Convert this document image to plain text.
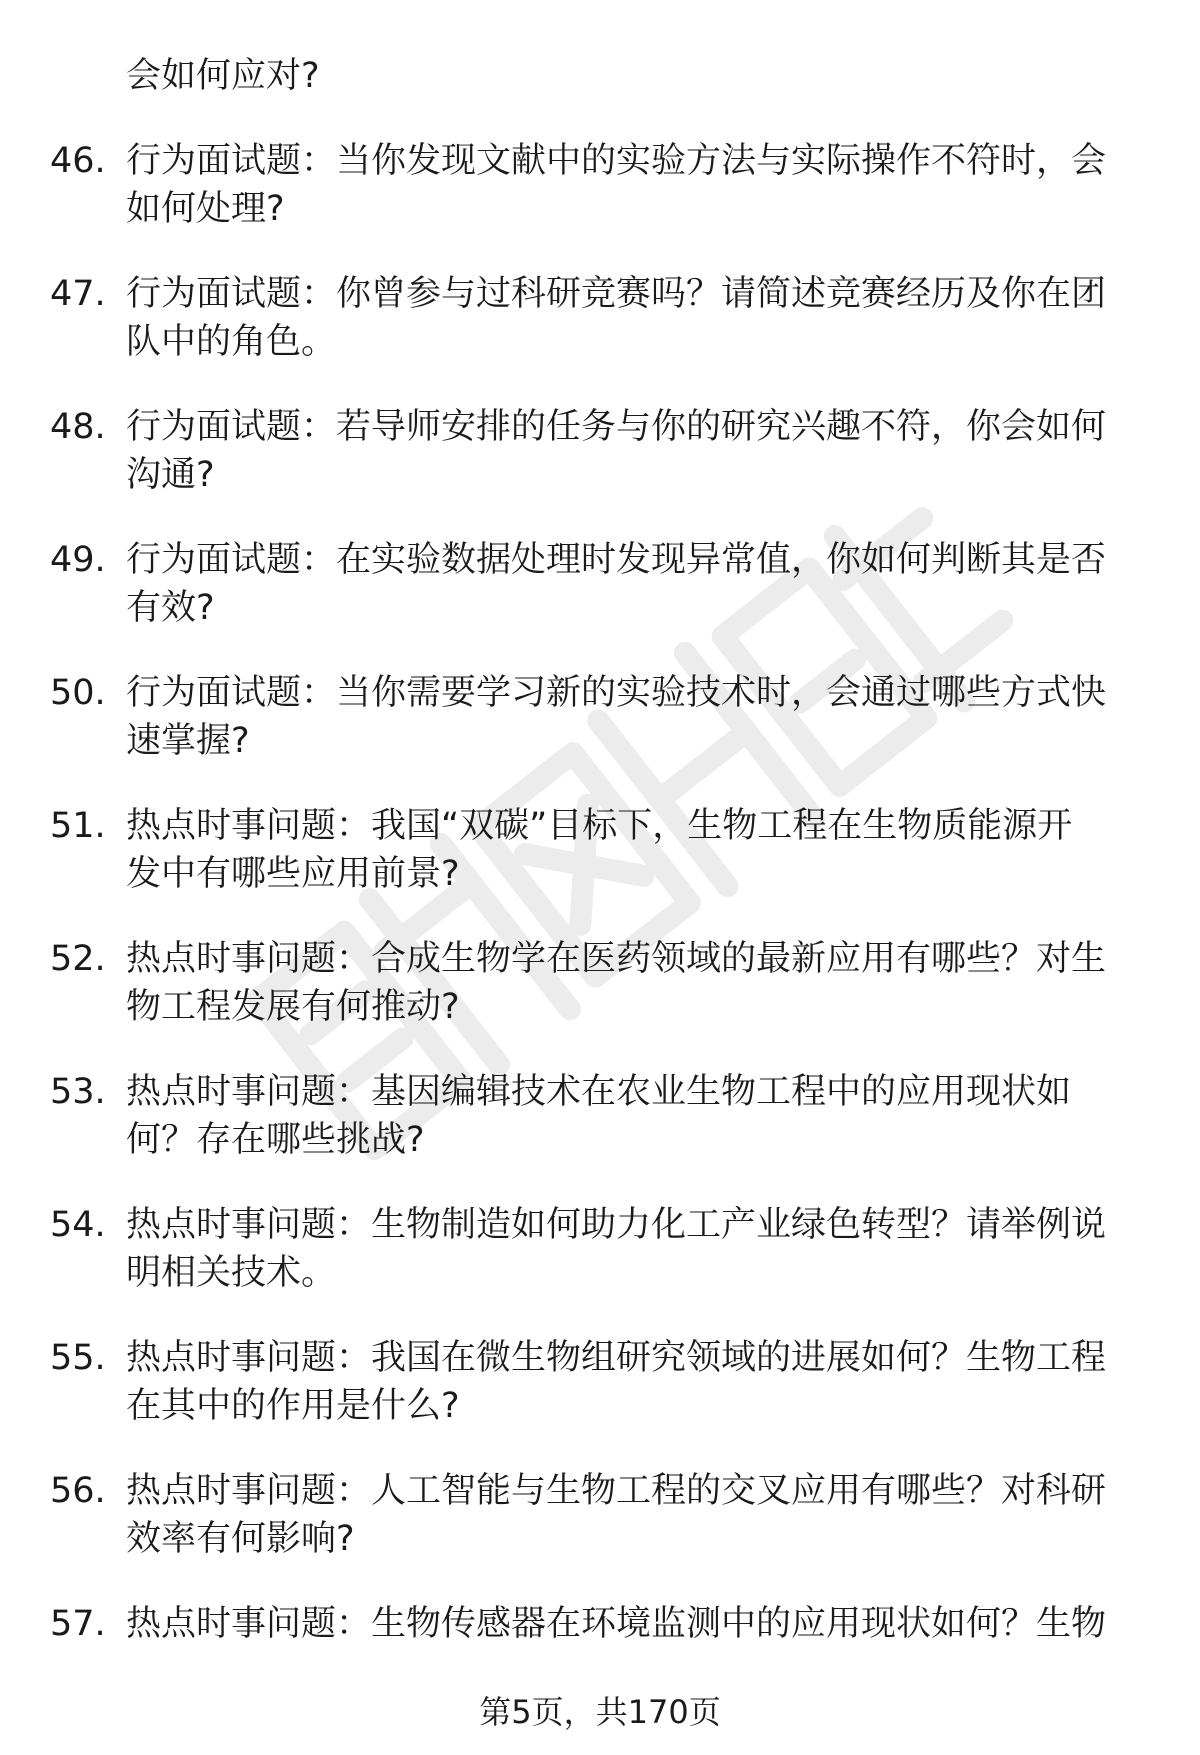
会如何应对?
46. 行为面试题：当你发现文献中的实验方法与实际操作不符时，会
如何处理?
47. 行为面试题：你曾参与过科研竞赛吗？请简述竞赛经历及你在团
队中的角色。
48. 行为面试题：若导师安排的任务与你的研究兴趣不符，你会如何
沟通?
49. 行为面试题：在实验数据处理时发现异常值，你如何判断其是否
有效?
50. 行为面试题：当你需要学习新的实验技术时，会通过哪些方式快
速掌握?
51. 热点时事问题：我国“双碳”目标下，生物工程在生物质能源开
发中有哪些应用前景?
52. 热点时事问题：合成生物学在医药领域的最新应用有哪些？对生
物工程发展有何推动?
53. 热点时事问题：基因编辑技术在农业生物工程中的应用现状如
何？存在哪些挑战?
54. 热点时事问题：生物制造如何助力化工产业绿色转型？请举例说
明相关技术。
55. 热点时事问题：我国在微生物组研究领域的进展如何？生物工程
在其中的作用是什么?
56. 热点时事问题：人工智能与生物工程的交叉应用有哪些？对科研
效率有何影响?
57. 热点时事问题：生物传感器在环境监测中的应用现状如何？生物
第5页，共170页
